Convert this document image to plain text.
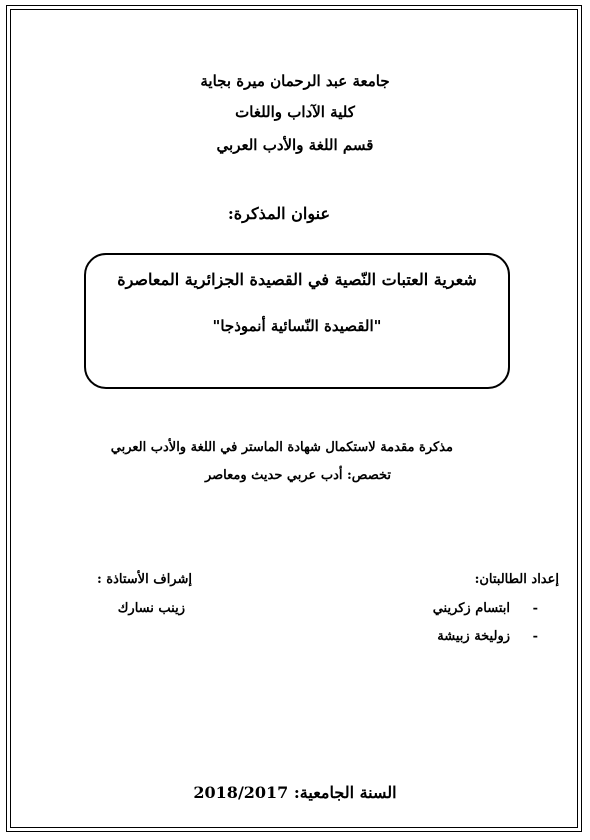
جامعة عبد الرحمان ميرة بجاية
كلية الآداب واللغات
قسم اللغة والأدب العربي
عنوان المذكرة:
شعرية العتبات النّصية في القصيدة الجزائرية المعاصرة
"القصيدة النّسائية أنموذجا"
مذكرة مقدمة لاستكمال شهادة الماستر في اللغة والأدب العربي
تخصص: أدب عربي حديث ومعاصر
إعداد الطالبتان:
-
ابتسام زكريني
-
زوليخة زبيشة
إشراف الأستاذة :
زينب نسارك
السنة الجامعية: 2018/2017
